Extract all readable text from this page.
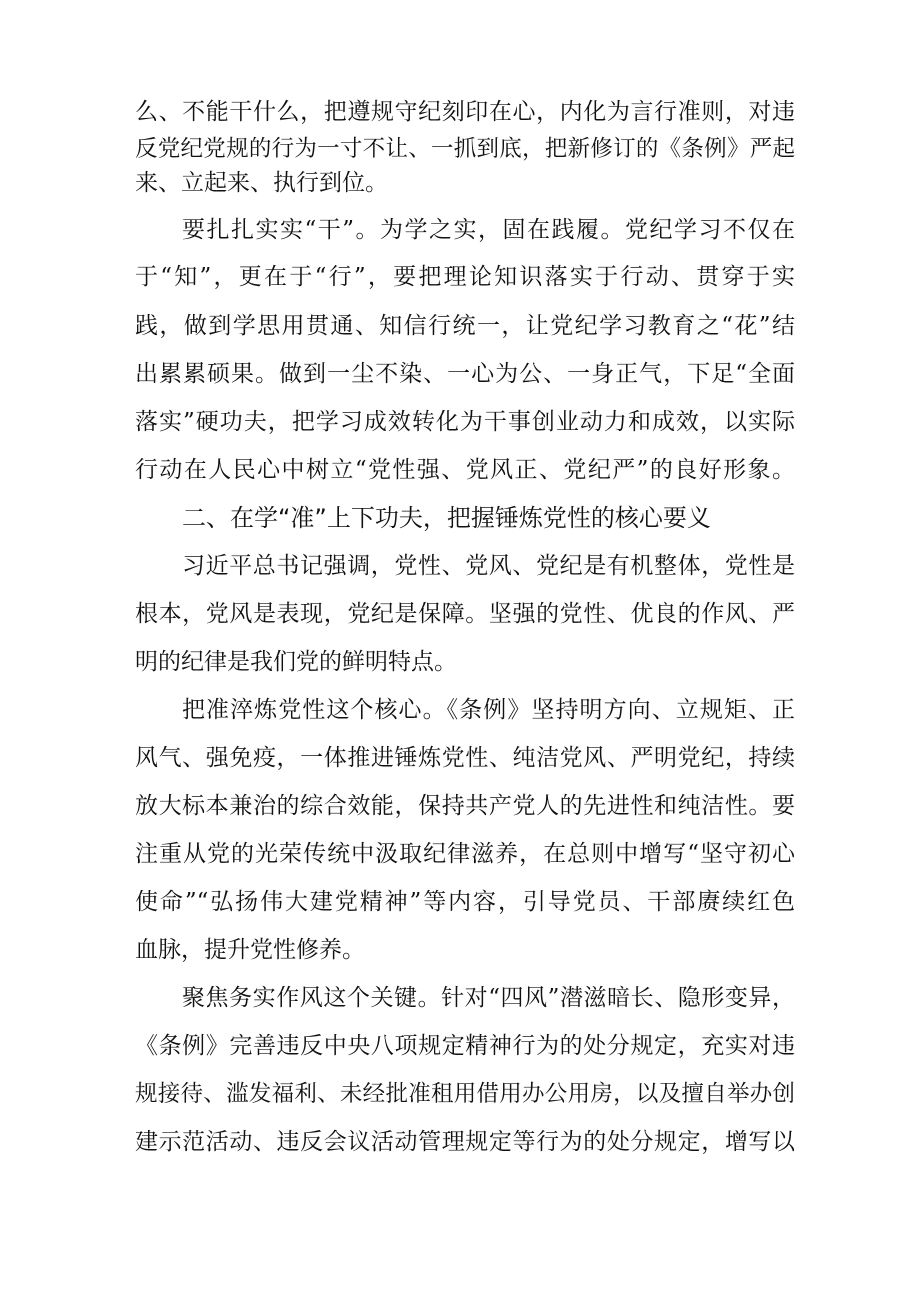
么、不能干什么，把遵规守纪刻印在心，内化为言行准则，对违
反党纪党规的行为一寸不让、一抓到底，把新修订的《条例》严起
来、立起来、执行到位。
要扎扎实实“干”。为学之实，固在践履。党纪学习不仅在
于“知”，更在于“行”，要把理论知识落实于行动、贯穿于实
践，做到学思用贯通、知信行统一，让党纪学习教育之“花”结
出累累硕果。做到一尘不染、一心为公、一身正气，下足“全面
落实”硬功夫，把学习成效转化为干事创业动力和成效，以实际
行动在人民心中树立“党性强、党风正、党纪严”的良好形象。
二、在学“准”上下功夫，把握锤炼党性的核心要义
习近平总书记强调，党性、党风、党纪是有机整体，党性是
根本，党风是表现，党纪是保障。坚强的党性、优良的作风、严
明的纪律是我们党的鲜明特点。
把准淬炼党性这个核心。《条例》坚持明方向、立规矩、正
风气、强免疫，一体推进锤炼党性、纯洁党风、严明党纪，持续
放大标本兼治的综合效能，保持共产党人的先进性和纯洁性。要
注重从党的光荣传统中汲取纪律滋养，在总则中增写“坚守初心
使命”“弘扬伟大建党精神”等内容，引导党员、干部赓续红色
血脉，提升党性修养。
聚焦务实作风这个关键。针对“四风”潜滋暗长、隐形变异，
《条例》完善违反中央八项规定精神行为的处分规定，充实对违
规接待、滥发福利、未经批准租用借用办公用房，以及擅自举办创
建示范活动、违反会议活动管理规定等行为的处分规定，增写以
